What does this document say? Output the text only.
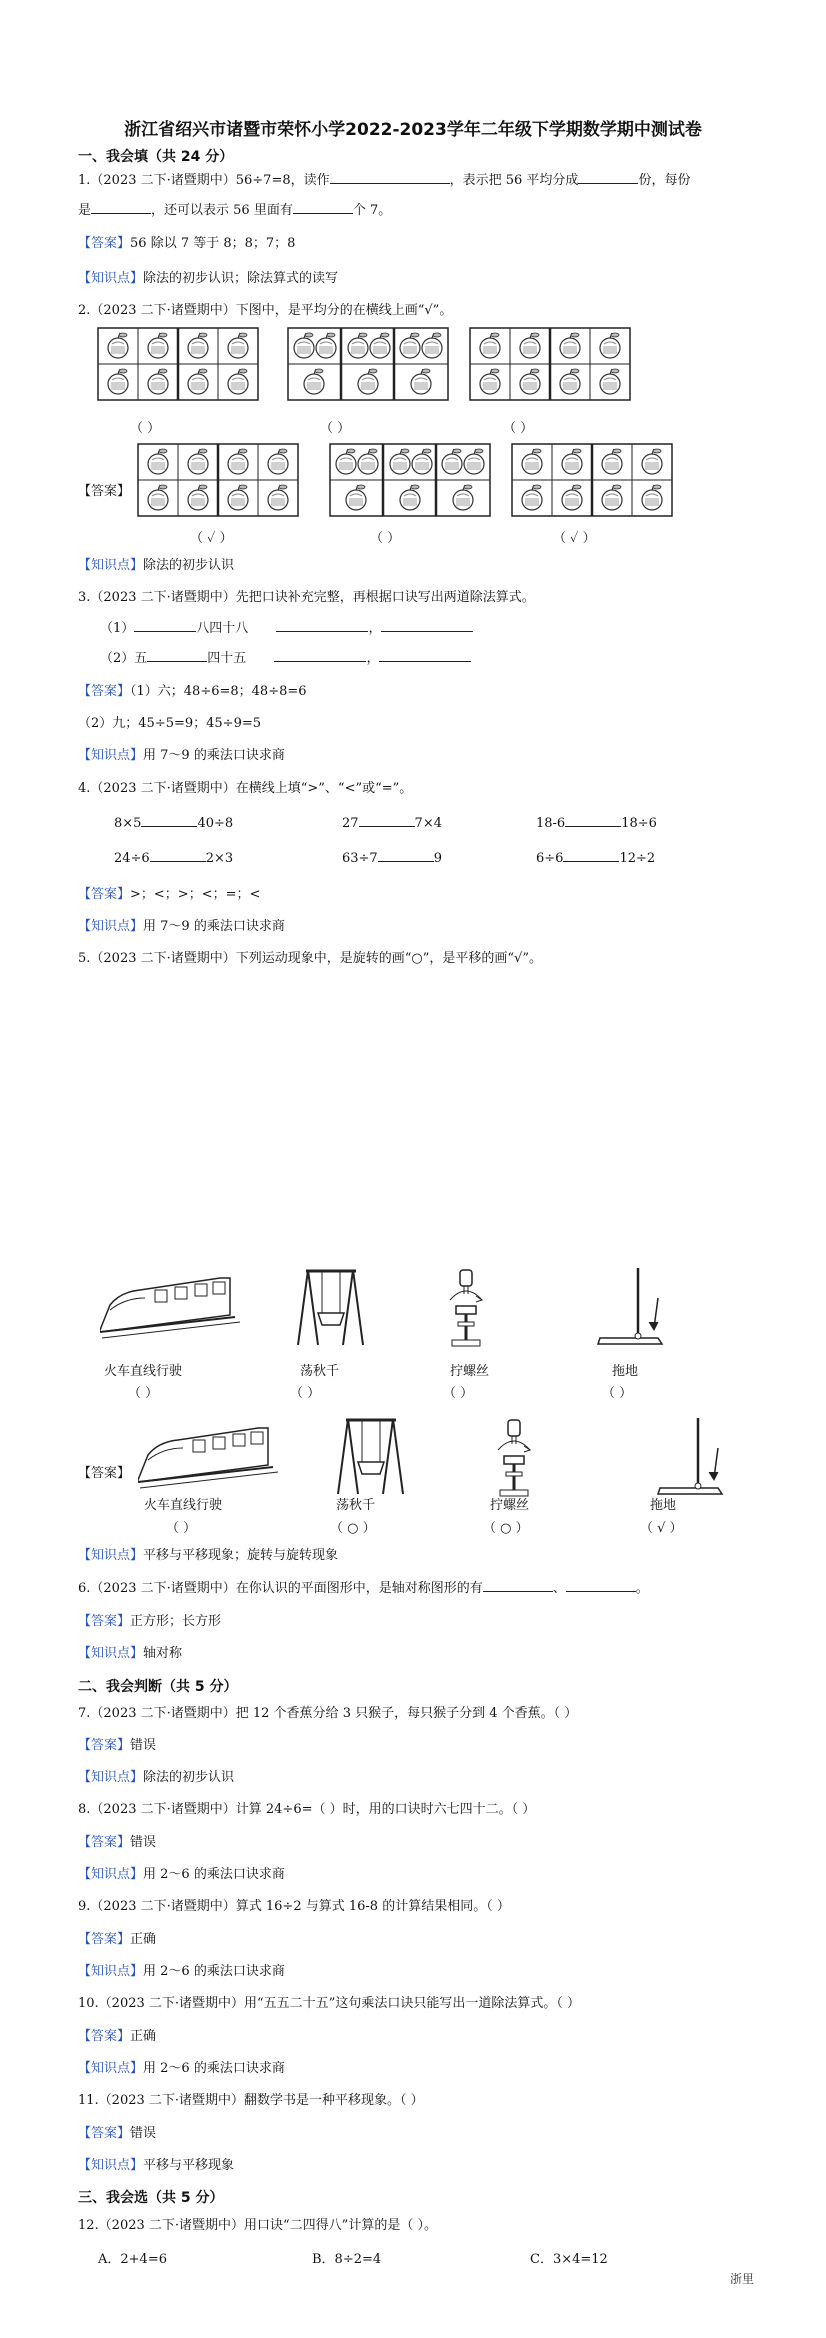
浙江省绍兴市诸暨市荣怀小学2022-2023学年二年级下学期数学期中测试卷
一、我会填（共 24 分）
1.（2023 二下·诸暨期中）56÷7=8，读作	，表示把 56 平均分成	份，每份
是	，还可以表示 56 里面有	个 7。
【答案】56 除以 7 等于 8；8；7；8
【知识点】除法的初步认识；除法算式的读写
2.（2023 二下·诸暨期中）下图中，是平均分的在横线上画“√”。
（ ）	（ ）	（ ）
【答案】
（ ✓ ）	（ ）	（ ✓ ）
【知识点】除法的初步认识
3.（2023 二下·诸暨期中）先把口诀补充完整，再根据口诀写出两道除法算式。
（1）	八四十八	，
（2）五	四十五	，
【答案】（1）六；48÷6=8；48÷8=6
（2）九；45÷5=9；45÷9=5
【知识点】用 7～9 的乘法口诀求商
4.（2023 二下·诸暨期中）在横线上填“>”、“<”或“=”。
8×5	40÷8	27	7×4	18-6	18÷6
24÷6	2×3	63÷7	9	6÷6	12÷2
【答案】>；<；>；<；=；<
【知识点】用 7～9 的乘法口诀求商
5.（2023 二下·诸暨期中）下列运动现象中，是旋转的画“○”，是平移的画“√”。
火车直线行驶	荡秋千	拧螺丝	拖地
（ ）	（ ）	（ ）	（ ）
【答案】
火车直线行驶	荡秋千	拧螺丝	拖地
（ ）	（ ○ ）	（ ○ ）	（ √ ）
【知识点】平移与平移现象；旋转与旋转现象
6.（2023 二下·诸暨期中）在你认识的平面图形中，是轴对称图形的有	、	。
【答案】正方形；长方形
【知识点】轴对称
二、我会判断（共 5 分）
7.（2023 二下·诸暨期中）把 12 个香蕉分给 3 只猴子，每只猴子分到 4 个香蕉。（ ）
【答案】错误
【知识点】除法的初步认识
8.（2023 二下·诸暨期中）计算 24÷6=（ ）时，用的口诀时六七四十二。（ ）
【答案】错误
【知识点】用 2～6 的乘法口诀求商
9.（2023 二下·诸暨期中）算式 16÷2 与算式 16-8 的计算结果相同。（ ）
【答案】正确
【知识点】用 2～6 的乘法口诀求商
10.（2023 二下·诸暨期中）用“五五二十五”这句乘法口诀只能写出一道除法算式。（ ）
【答案】正确
【知识点】用 2～6 的乘法口诀求商
11.（2023 二下·诸暨期中）翻数学书是一种平移现象。（ ）
【答案】错误
【知识点】平移与平移现象
三、我会选（共 5 分）
12.（2023 二下·诸暨期中）用口诀“二四得八”计算的是（ ）。
A．2+4=6	B．8÷2=4	C．3×4=12
浙里
